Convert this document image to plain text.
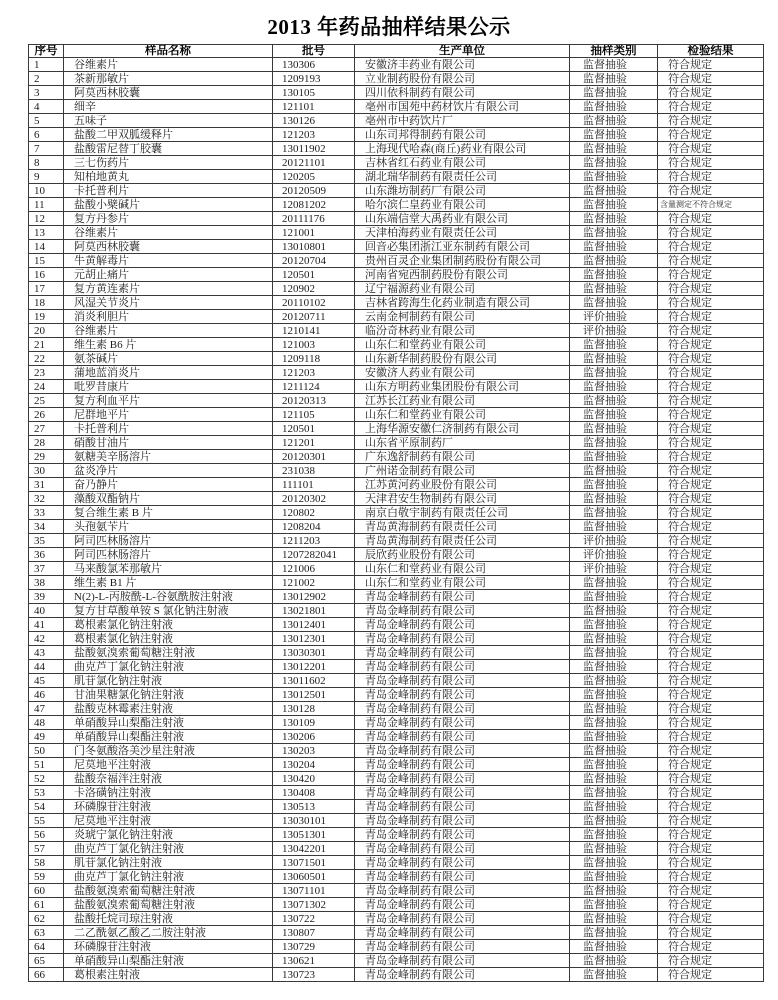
2013 年药品抽样结果公示
序号	样品名称	批号	生产单位	抽样类别	检验结果
1	谷维素片	130306	安徽济丰药业有限公司	监督抽验	符合规定
2	茶新那敏片	1209193	立业制药股份有限公司	监督抽验	符合规定
3	阿莫西林胶囊	130105	四川依科制药有限公司	监督抽验	符合规定
4	细辛	121101	亳州市国苑中药材饮片有限公司	监督抽验	符合规定
5	五味子	130126	亳州市中药饮片厂	监督抽验	符合规定
6	盐酸二甲双胍缓释片	121203	山东司邦得制药有限公司	监督抽验	符合规定
7	盐酸雷尼替丁胶囊	13011902	上海现代哈森(商丘)药业有限公司	监督抽验	符合规定
8	三七伤药片	20121101	吉林省红石药业有限公司	监督抽验	符合规定
9	知柏地黄丸	120205	湖北瑞华制药有限责任公司	监督抽验	符合规定
10	卡托普利片	20120509	山东潍坊制药厂有限公司	监督抽验	符合规定
11	盐酸小檗碱片	12081202	哈尔滨仁皇药业有限公司	监督抽验	含量测定不符合规定
12	复方丹参片	20111176	山东端信堂大禹药业有限公司	监督抽验	符合规定
13	谷维素片	121001	天津柏海药业有限责任公司	监督抽验	符合规定
14	阿莫西林胶囊	13010801	回音必集团浙江亚东制药有限公司	监督抽验	符合规定
15	牛黄解毒片	20120704	贵州百灵企业集团制药股份有限公司	监督抽验	符合规定
16	元胡止痛片	120501	河南省宛西制药股份有限公司	监督抽验	符合规定
17	复方黄连素片	120902	辽宁福源药业有限公司	监督抽验	符合规定
18	风湿关节炎片	20110102	吉林省跨海生化药业制造有限公司	监督抽验	符合规定
19	消炎利胆片	20120711	云南金柯制药有限公司	评价抽验	符合规定
20	谷维素片	1210141	临汾奇林药业有限公司	评价抽验	符合规定
21	维生素 B6 片	121003	山东仁和堂药业有限公司	监督抽验	符合规定
22	氨茶碱片	1209118	山东新华制药股份有限公司	监督抽验	符合规定
23	蒲地蓝消炎片	121203	安徽济人药业有限公司	监督抽验	符合规定
24	吡罗昔康片	1211124	山东方明药业集团股份有限公司	监督抽验	符合规定
25	复方利血平片	20120313	江苏长江药业有限公司	监督抽验	符合规定
26	尼群地平片	121105	山东仁和堂药业有限公司	监督抽验	符合规定
27	卡托普利片	120501	上海华源安徽仁济制药有限公司	监督抽验	符合规定
28	硝酸甘油片	121201	山东省平原制药厂	监督抽验	符合规定
29	氨糖美辛肠溶片	20120301	广东逸舒制药有限公司	监督抽验	符合规定
30	盆炎净片	231038	广州诺金制药有限公司	监督抽验	符合规定
31	奋乃静片	111101	江苏黄河药业股份有限公司	监督抽验	符合规定
32	藻酸双酯钠片	20120302	天津君安生物制药有限公司	监督抽验	符合规定
33	复合维生素 B 片	120802	南京白敬宇制药有限责任公司	监督抽验	符合规定
34	头孢氨苄片	1208204	青岛黄海制药有限责任公司	监督抽验	符合规定
35	阿司匹林肠溶片	1211203	青岛黄海制药有限责任公司	评价抽验	符合规定
36	阿司匹林肠溶片	1207282041	辰欣药业股份有限公司	评价抽验	符合规定
37	马来酸氯苯那敏片	121006	山东仁和堂药业有限公司	评价抽验	符合规定
38	维生素 B1 片	121002	山东仁和堂药业有限公司	监督抽验	符合规定
39	N(2)-L-丙胺酰-L-谷氨酰胺注射液	13012902	青岛金峰制药有限公司	监督抽验	符合规定
40	复方甘草酸单铵 S 氯化钠注射液	13021801	青岛金峰制药有限公司	监督抽验	符合规定
41	葛根素氯化钠注射液	13012401	青岛金峰制药有限公司	监督抽验	符合规定
42	葛根素氯化钠注射液	13012301	青岛金峰制药有限公司	监督抽验	符合规定
43	盐酸氨溴索葡萄糖注射液	13030301	青岛金峰制药有限公司	监督抽验	符合规定
44	曲克芦丁氯化钠注射液	13012201	青岛金峰制药有限公司	监督抽验	符合规定
45	肌苷氯化钠注射液	13011602	青岛金峰制药有限公司	监督抽验	符合规定
46	甘油果糖氯化钠注射液	13012501	青岛金峰制药有限公司	监督抽验	符合规定
47	盐酸克林霉素注射液	130128	青岛金峰制药有限公司	监督抽验	符合规定
48	单硝酸异山梨酯注射液	130109	青岛金峰制药有限公司	监督抽验	符合规定
49	单硝酸异山梨酯注射液	130206	青岛金峰制药有限公司	监督抽验	符合规定
50	门冬氨酸洛美沙星注射液	130203	青岛金峰制药有限公司	监督抽验	符合规定
51	尼莫地平注射液	130204	青岛金峰制药有限公司	监督抽验	符合规定
52	盐酸奈福泮注射液	130420	青岛金峰制药有限公司	监督抽验	符合规定
53	卡洛磺钠注射液	130408	青岛金峰制药有限公司	监督抽验	符合规定
54	环磷腺苷注射液	130513	青岛金峰制药有限公司	监督抽验	符合规定
55	尼莫地平注射液	13030101	青岛金峰制药有限公司	监督抽验	符合规定
56	炎琥宁氯化钠注射液	13051301	青岛金峰制药有限公司	监督抽验	符合规定
57	曲克芦丁氯化钠注射液	13042201	青岛金峰制药有限公司	监督抽验	符合规定
58	肌苷氯化钠注射液	13071501	青岛金峰制药有限公司	监督抽验	符合规定
59	曲克芦丁氯化钠注射液	13060501	青岛金峰制药有限公司	监督抽验	符合规定
60	盐酸氨溴索葡萄糖注射液	13071101	青岛金峰制药有限公司	监督抽验	符合规定
61	盐酸氨溴索葡萄糖注射液	13071302	青岛金峰制药有限公司	监督抽验	符合规定
62	盐酸托烷司琼注射液	130722	青岛金峰制药有限公司	监督抽验	符合规定
63	二乙酰氨乙酸乙二胺注射液	130807	青岛金峰制药有限公司	监督抽验	符合规定
64	环磷腺苷注射液	130729	青岛金峰制药有限公司	监督抽验	符合规定
65	单硝酸异山梨酯注射液	130621	青岛金峰制药有限公司	监督抽验	符合规定
66	葛根素注射液	130723	青岛金峰制药有限公司	监督抽验	符合规定
